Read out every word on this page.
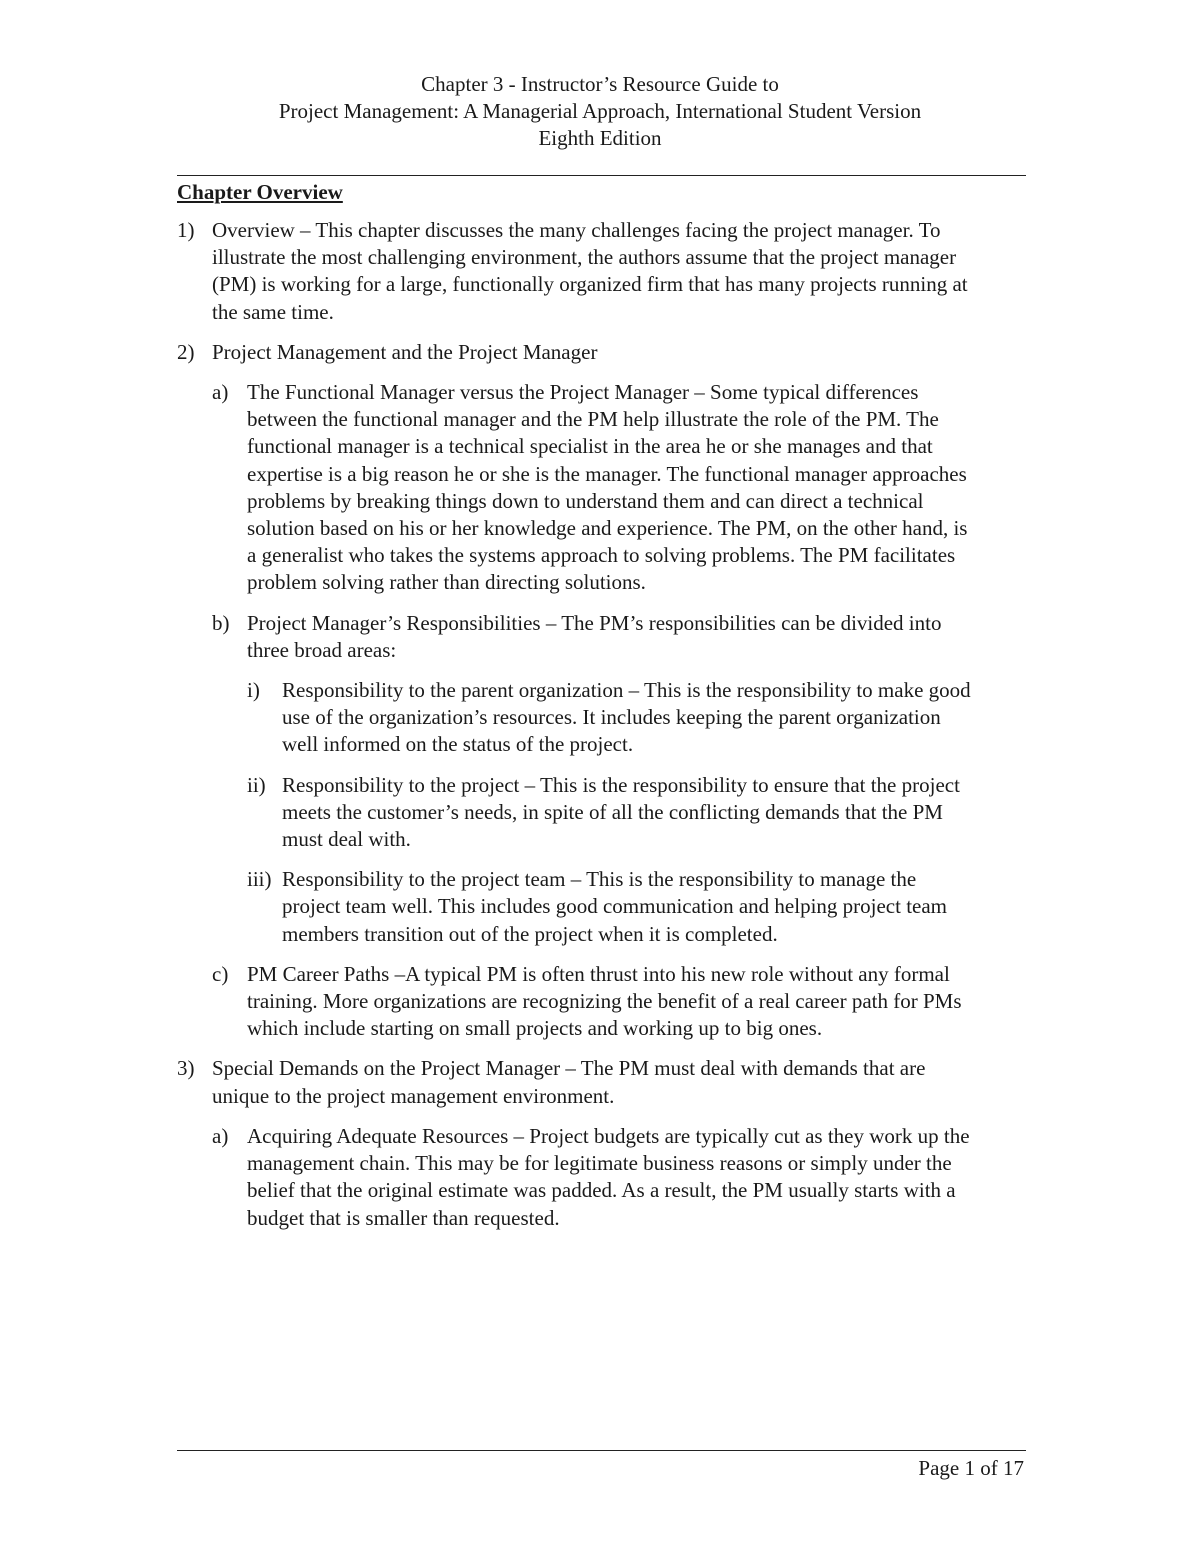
Chapter 3 - Instructor’s Resource Guide to
Project Management: A Managerial Approach, International Student Version
Eighth Edition
Chapter Overview
1) Overview – This chapter discusses the many challenges facing the project manager. To illustrate the most challenging environment, the authors assume that the project manager (PM) is working for a large, functionally organized firm that has many projects running at the same time.
2) Project Management and the Project Manager
a) The Functional Manager versus the Project Manager – Some typical differences between the functional manager and the PM help illustrate the role of the PM. The functional manager is a technical specialist in the area he or she manages and that expertise is a big reason he or she is the manager. The functional manager approaches problems by breaking things down to understand them and can direct a technical solution based on his or her knowledge and experience. The PM, on the other hand, is a generalist who takes the systems approach to solving problems. The PM facilitates problem solving rather than directing solutions.
b) Project Manager’s Responsibilities – The PM’s responsibilities can be divided into three broad areas:
i) Responsibility to the parent organization – This is the responsibility to make good use of the organization’s resources. It includes keeping the parent organization well informed on the status of the project.
ii) Responsibility to the project – This is the responsibility to ensure that the project meets the customer’s needs, in spite of all the conflicting demands that the PM must deal with.
iii) Responsibility to the project team – This is the responsibility to manage the project team well. This includes good communication and helping project team members transition out of the project when it is completed.
c) PM Career Paths –A typical PM is often thrust into his new role without any formal training. More organizations are recognizing the benefit of a real career path for PMs which include starting on small projects and working up to big ones.
3) Special Demands on the Project Manager – The PM must deal with demands that are unique to the project management environment.
a) Acquiring Adequate Resources – Project budgets are typically cut as they work up the management chain. This may be for legitimate business reasons or simply under the belief that the original estimate was padded. As a result, the PM usually starts with a budget that is smaller than requested.
Page 1 of 17
